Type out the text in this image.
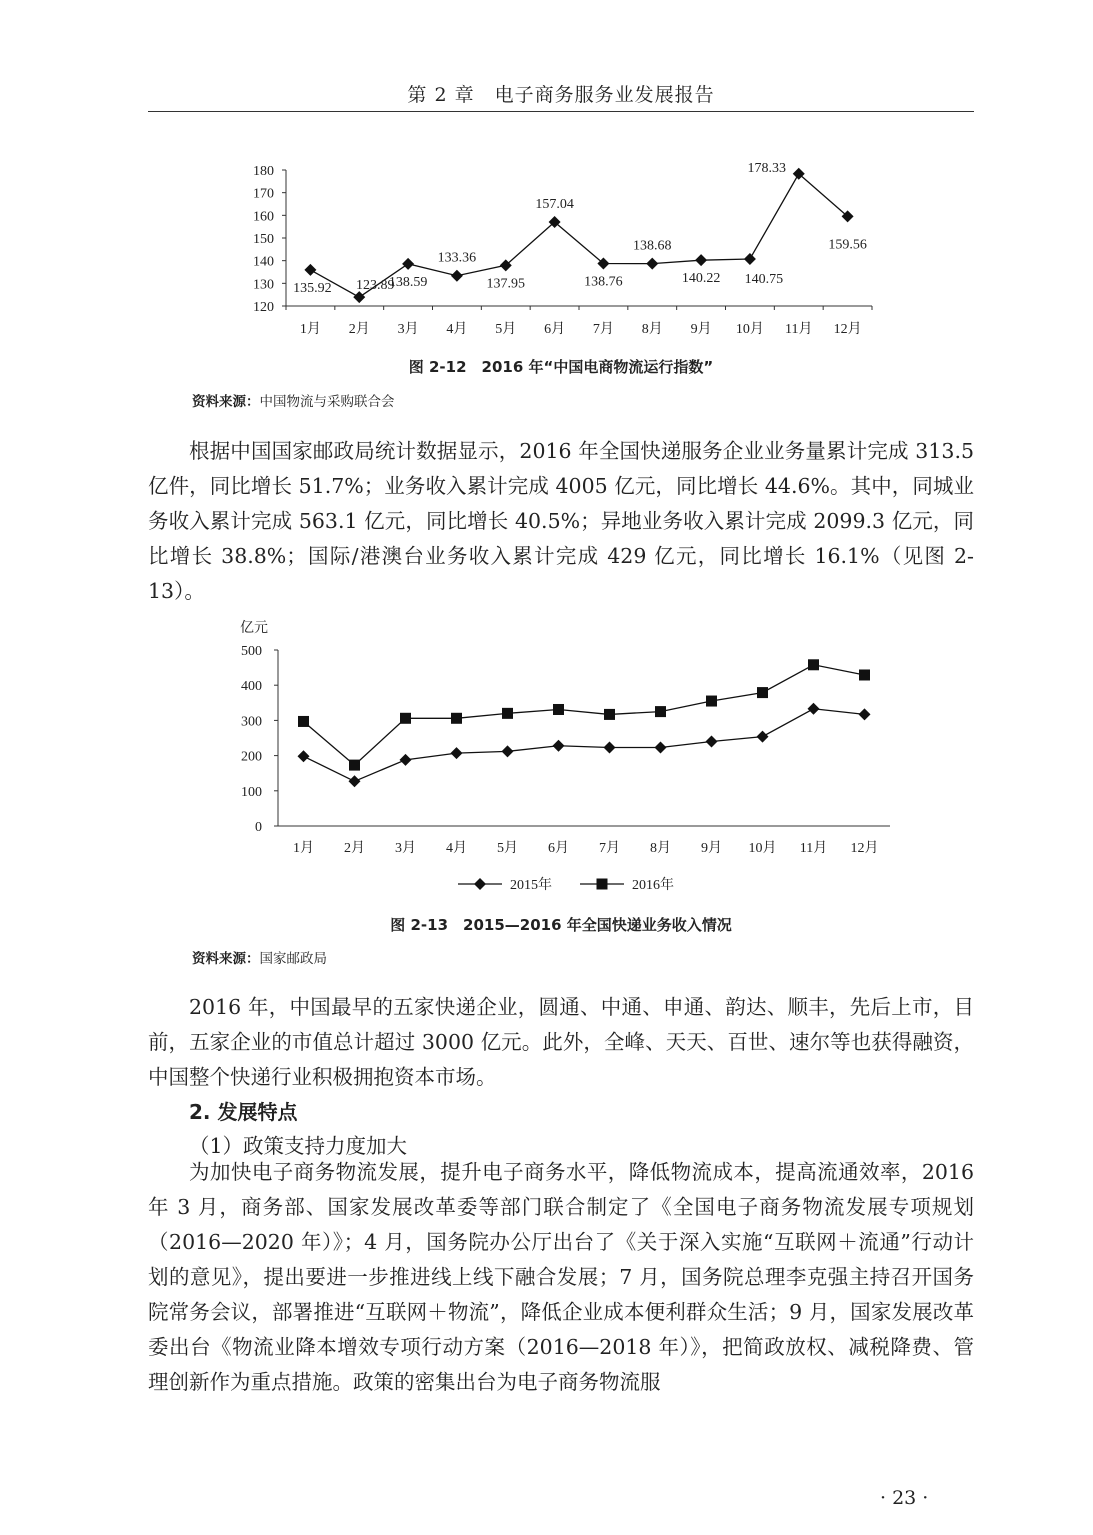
第 2 章　电子商务服务业发展报告
120
130
140
150
160
170
180
1月 2月 3月 4月 5月 6月 7月 8月 9月 10月 11月 12月
135.92 123.89
138.59
133.36
137.95
157.04
138.76
138.68
140.22 140.75
178.33
159.56
图 2-12　2016 年“中国电商物流运行指数”
资料来源：中国物流与采购联合会
根据中国国家邮政局统计数据显示，2016 年全国快递服务企业业务量累计完成 313.5 亿件，同比增长 51.7%；业务收入累计完成 4005 亿元，同比增长 44.6%。其中，同城业务收入累计完成 563.1 亿元，同比增长 40.5%；异地业务收入累计完成 2099.3 亿元，同比增长 38.8%；国际/港澳台业务收入累计完成 429 亿元，同比增长 16.1%（见图 2-13）。
亿元
0
100
200
300
400
500
1月 2月 3月 4月 5月 6月 7月 8月 9月 10月 11月 12月
2015年	2016年
图 2-13　2015—2016 年全国快递业务收入情况
资料来源：国家邮政局
2016 年，中国最早的五家快递企业，圆通、中通、申通、韵达、顺丰，先后上市，目前，五家企业的市值总计超过 3000 亿元。此外，全峰、天天、百世、速尔等也获得融资，中国整个快递行业积极拥抱资本市场。
2. 发展特点
（1）政策支持力度加大
为加快电子商务物流发展，提升电子商务水平，降低物流成本，提高流通效率，2016 年 3 月，商务部、国家发展改革委等部门联合制定了《全国电子商务物流发展专项规划（2016—2020 年）》；4 月，国务院办公厅出台了《关于深入实施“互联网＋流通”行动计划的意见》，提出要进一步推进线上线下融合发展；7 月，国务院总理李克强主持召开国务院常务会议，部署推进“互联网＋物流”，降低企业成本便利群众生活；9 月，国家发展改革委出台《物流业降本增效专项行动方案（2016—2018 年）》，把简政放权、减税降费、管理创新作为重点措施。政策的密集出台为电子商务物流服
· 23 ·
